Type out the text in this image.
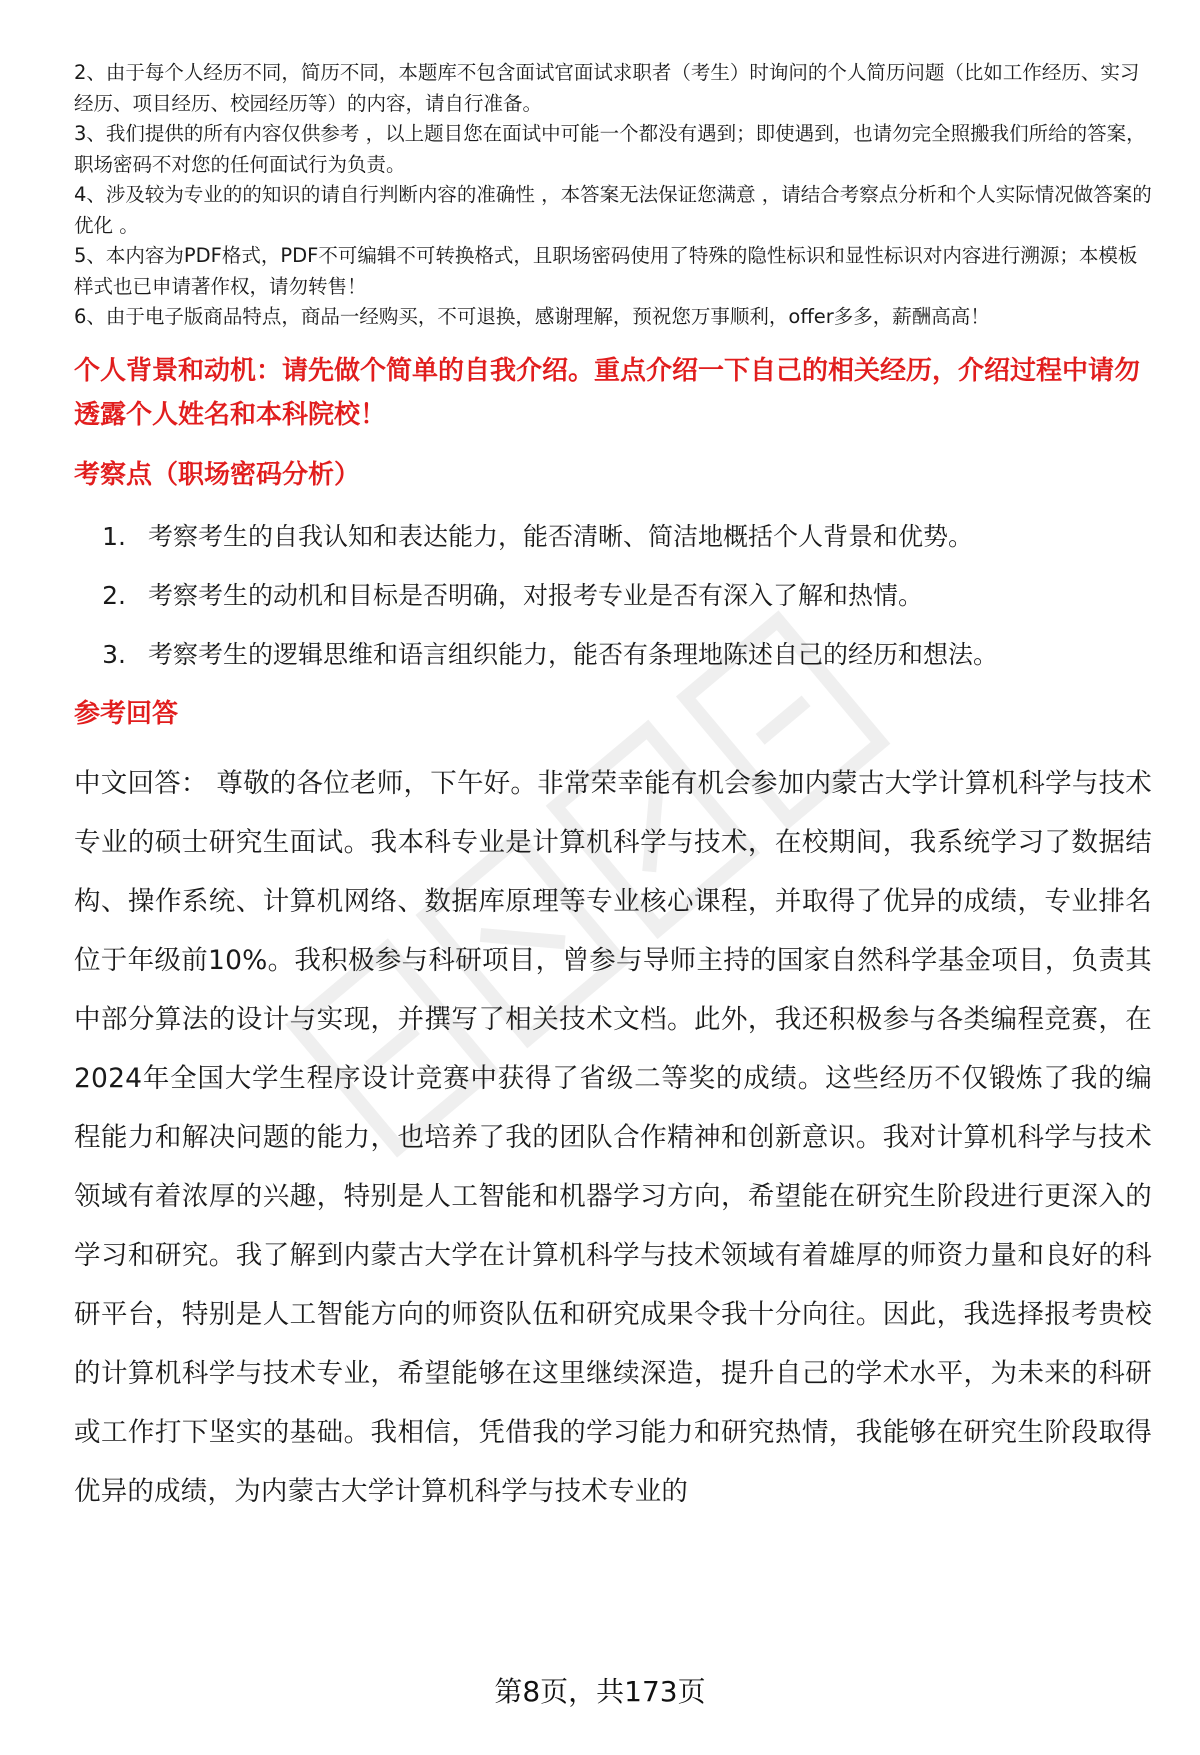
2、由于每个人经历不同，简历不同，本题库不包含面试官面试求职者（考生）时询问的个人简历问题（比如工作经历、实习经历、项目经历、校园经历等）的内容，请自行准备。
3、我们提供的所有内容仅供参考 ，以上题目您在面试中可能一个都没有遇到；即使遇到，也请勿完全照搬我们所给的答案，职场密码不对您的任何面试行为负责。
4、涉及较为专业的的知识的请自行判断内容的准确性 ，本答案无法保证您满意 ，请结合考察点分析和个人实际情况做答案的优化 。
5、本内容为PDF格式，PDF不可编辑不可转换格式，且职场密码使用了特殊的隐性标识和显性标识对内容进行溯源；本模板样式也已申请著作权，请勿转售！
6、由于电子版商品特点，商品一经购买，不可退换，感谢理解，预祝您万事顺利，offer多多，薪酬高高！
个人背景和动机：请先做个简单的自我介绍。重点介绍一下自己的相关经历，介绍过程中请勿透露个人姓名和本科院校！
考察点（职场密码分析）
1. 考察考生的自我认知和表达能力，能否清晰、简洁地概括个人背景和优势。
2. 考察考生的动机和目标是否明确，对报考专业是否有深入了解和热情。
3. 考察考生的逻辑思维和语言组织能力，能否有条理地陈述自己的经历和想法。
参考回答

中文回答： 尊敬的各位老师，下午好。非常荣幸能有机会参加内蒙古大学计算机科学与技术专业的硕士研究生面试。我本科专业是计算机科学与技术，在校期间，我系统学习了数据结构、操作系统、计算机网络、数据库原理等专业核心课程，并取得了优异的成绩，专业排名位于年级前10%。我积极参与科研项目，曾参与导师主持的国家自然科学基金项目，负责其中部分算法的设计与实现，并撰写了相关技术文档。此外，我还积极参与各类编程竞赛，在2024年全国大学生程序设计竞赛中获得了省级二等奖的成绩。这些经历不仅锻炼了我的编程能力和解决问题的能力，也培养了我的团队合作精神和创新意识。我对计算机科学与技术领域有着浓厚的兴趣，特别是人工智能和机器学习方向，希望能在研究生阶段进行更深入的学习和研究。我了解到内蒙古大学在计算机科学与技术领域有着雄厚的师资力量和良好的科研平台，特别是人工智能方向的师资队伍和研究成果令我十分向往。因此，我选择报考贵校的计算机科学与技术专业，希望能够在这里继续深造，提升自己的学术水平，为未来的科研或工作打下坚实的基础。我相信，凭借我的学习能力和研究热情，我能够在研究生阶段取得优异的成绩，为内蒙古大学计算机科学与技术专业的

第8页，共173页
